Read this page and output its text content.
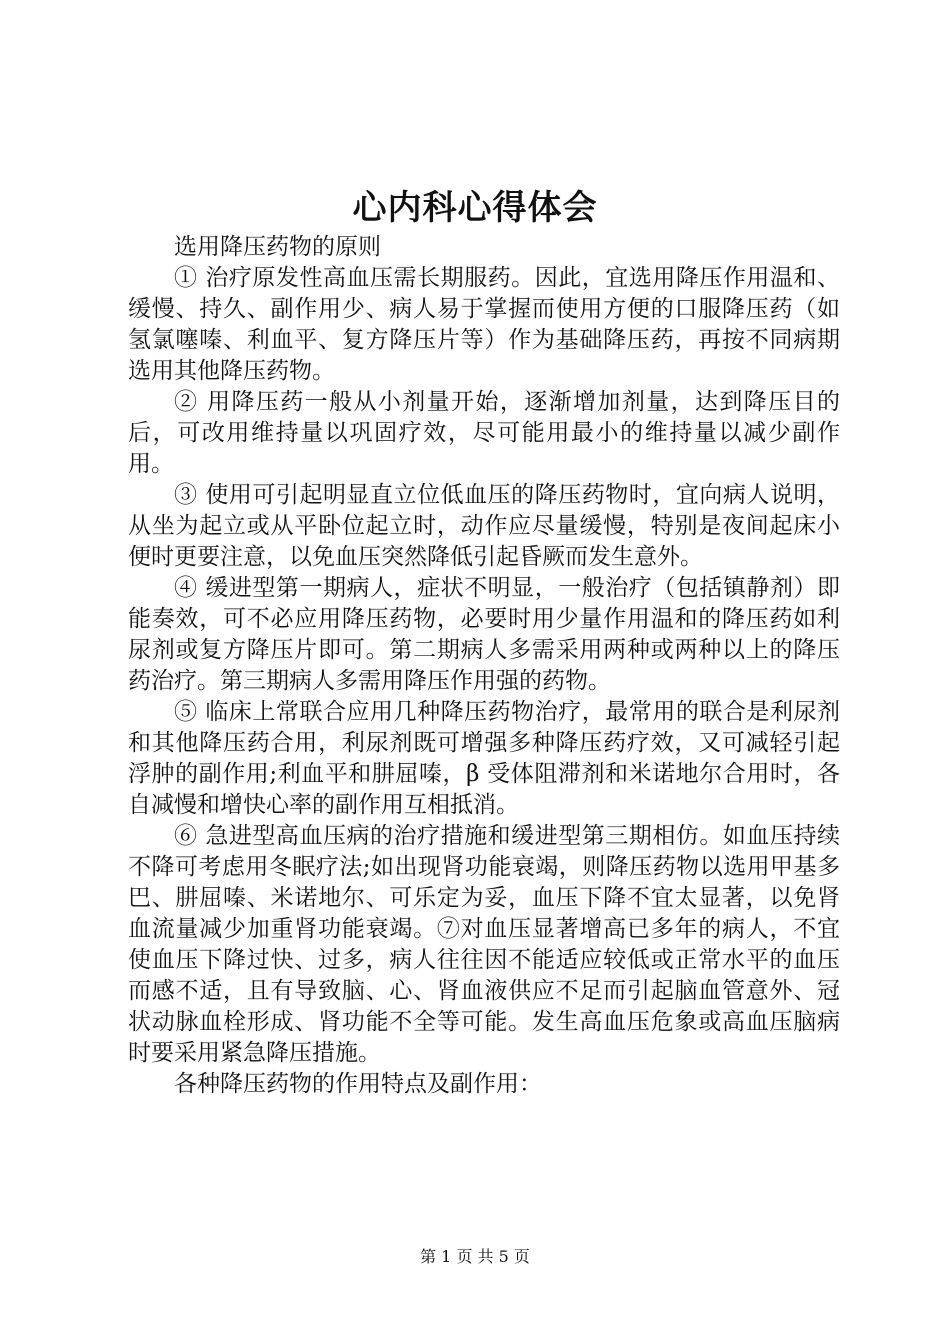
心内科心得体会

选用降压药物的原则

① 治疗原发性高血压需长期服药。因此，宜选用降压作用温和、缓慢、持久、副作用少、病人易于掌握而使用方便的口服降压药（如氢氯噻嗪、利血平、复方降压片等）作为基础降压药，再按不同病期选用其他降压药物。

② 用降压药一般从小剂量开始，逐渐增加剂量，达到降压目的后，可改用维持量以巩固疗效，尽可能用最小的维持量以减少副作用。

③ 使用可引起明显直立位低血压的降压药物时，宜向病人说明，从坐为起立或从平卧位起立时，动作应尽量缓慢，特别是夜间起床小便时更要注意，以免血压突然降低引起昏厥而发生意外。

④ 缓进型第一期病人，症状不明显，一般治疗（包括镇静剂）即能奏效，可不必应用降压药物，必要时用少量作用温和的降压药如利尿剂或复方降压片即可。第二期病人多需采用两种或两种以上的降压药治疗。第三期病人多需用降压作用强的药物。

⑤ 临床上常联合应用几种降压药物治疗，最常用的联合是利尿剂和其他降压药合用，利尿剂既可增强多种降压药疗效，又可减轻引起浮肿的副作用;利血平和肼屈嗪，β 受体阻滞剂和米诺地尔合用时，各自减慢和增快心率的副作用互相抵消。

⑥ 急进型高血压病的治疗措施和缓进型第三期相仿。如血压持续不降可考虑用冬眠疗法;如出现肾功能衰竭，则降压药物以选用甲基多巴、肼屈嗪、米诺地尔、可乐定为妥，血压下降不宜太显著，以免肾血流量减少加重肾功能衰竭。⑦对血压显著增高已多年的病人，不宜使血压下降过快、过多，病人往往因不能适应较低或正常水平的血压而感不适，且有导致脑、心、肾血液供应不足而引起脑血管意外、冠状动脉血栓形成、肾功能不全等可能。发生高血压危象或高血压脑病时要采用紧急降压措施。

各种降压药物的作用特点及副作用：

第 1 页 共 5 页
